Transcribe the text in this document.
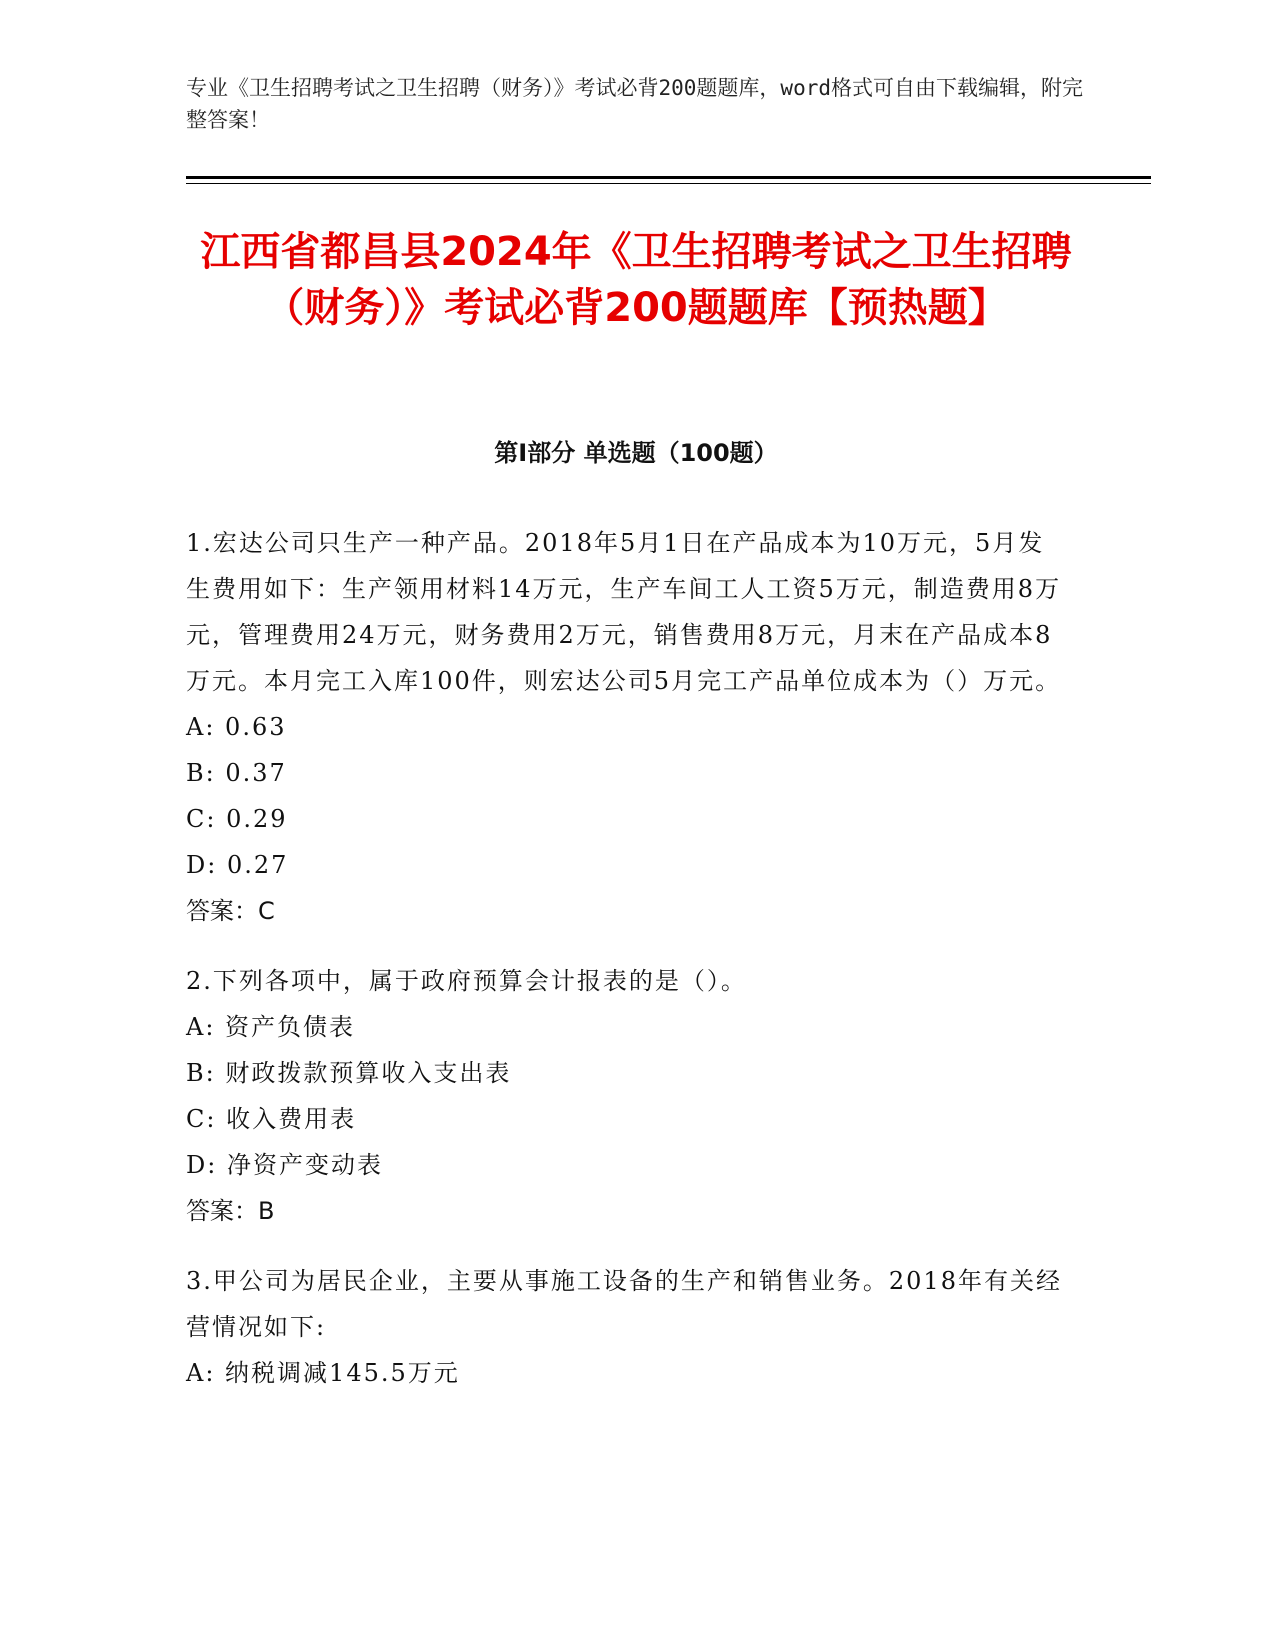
专业《卫生招聘考试之卫生招聘（财务）》考试必背200题题库，word格式可自由下载编辑，附完整答案！
江西省都昌县2024年《卫生招聘考试之卫生招聘（财务）》考试必背200题题库【预热题】
第Ⅰ部分 单选题（100题）
1.宏达公司只生产一种产品。2018年5月1日在产品成本为10万元，5月发生费用如下：生产领用材料14万元，生产车间工人工资5万元，制造费用8万元，管理费用24万元，财务费用2万元，销售费用8万元，月末在产品成本8万元。本月完工入库100件，则宏达公司5月完工产品单位成本为（）万元。
A: 0.63
B: 0.37
C: 0.29
D: 0.27
答案：C
2.下列各项中，属于政府预算会计报表的是（）。
A: 资产负债表
B: 财政拨款预算收入支出表
C: 收入费用表
D: 净资产变动表
答案：B
3.甲公司为居民企业，主要从事施工设备的生产和销售业务。2018年有关经营情况如下:
A: 纳税调减145.5万元
